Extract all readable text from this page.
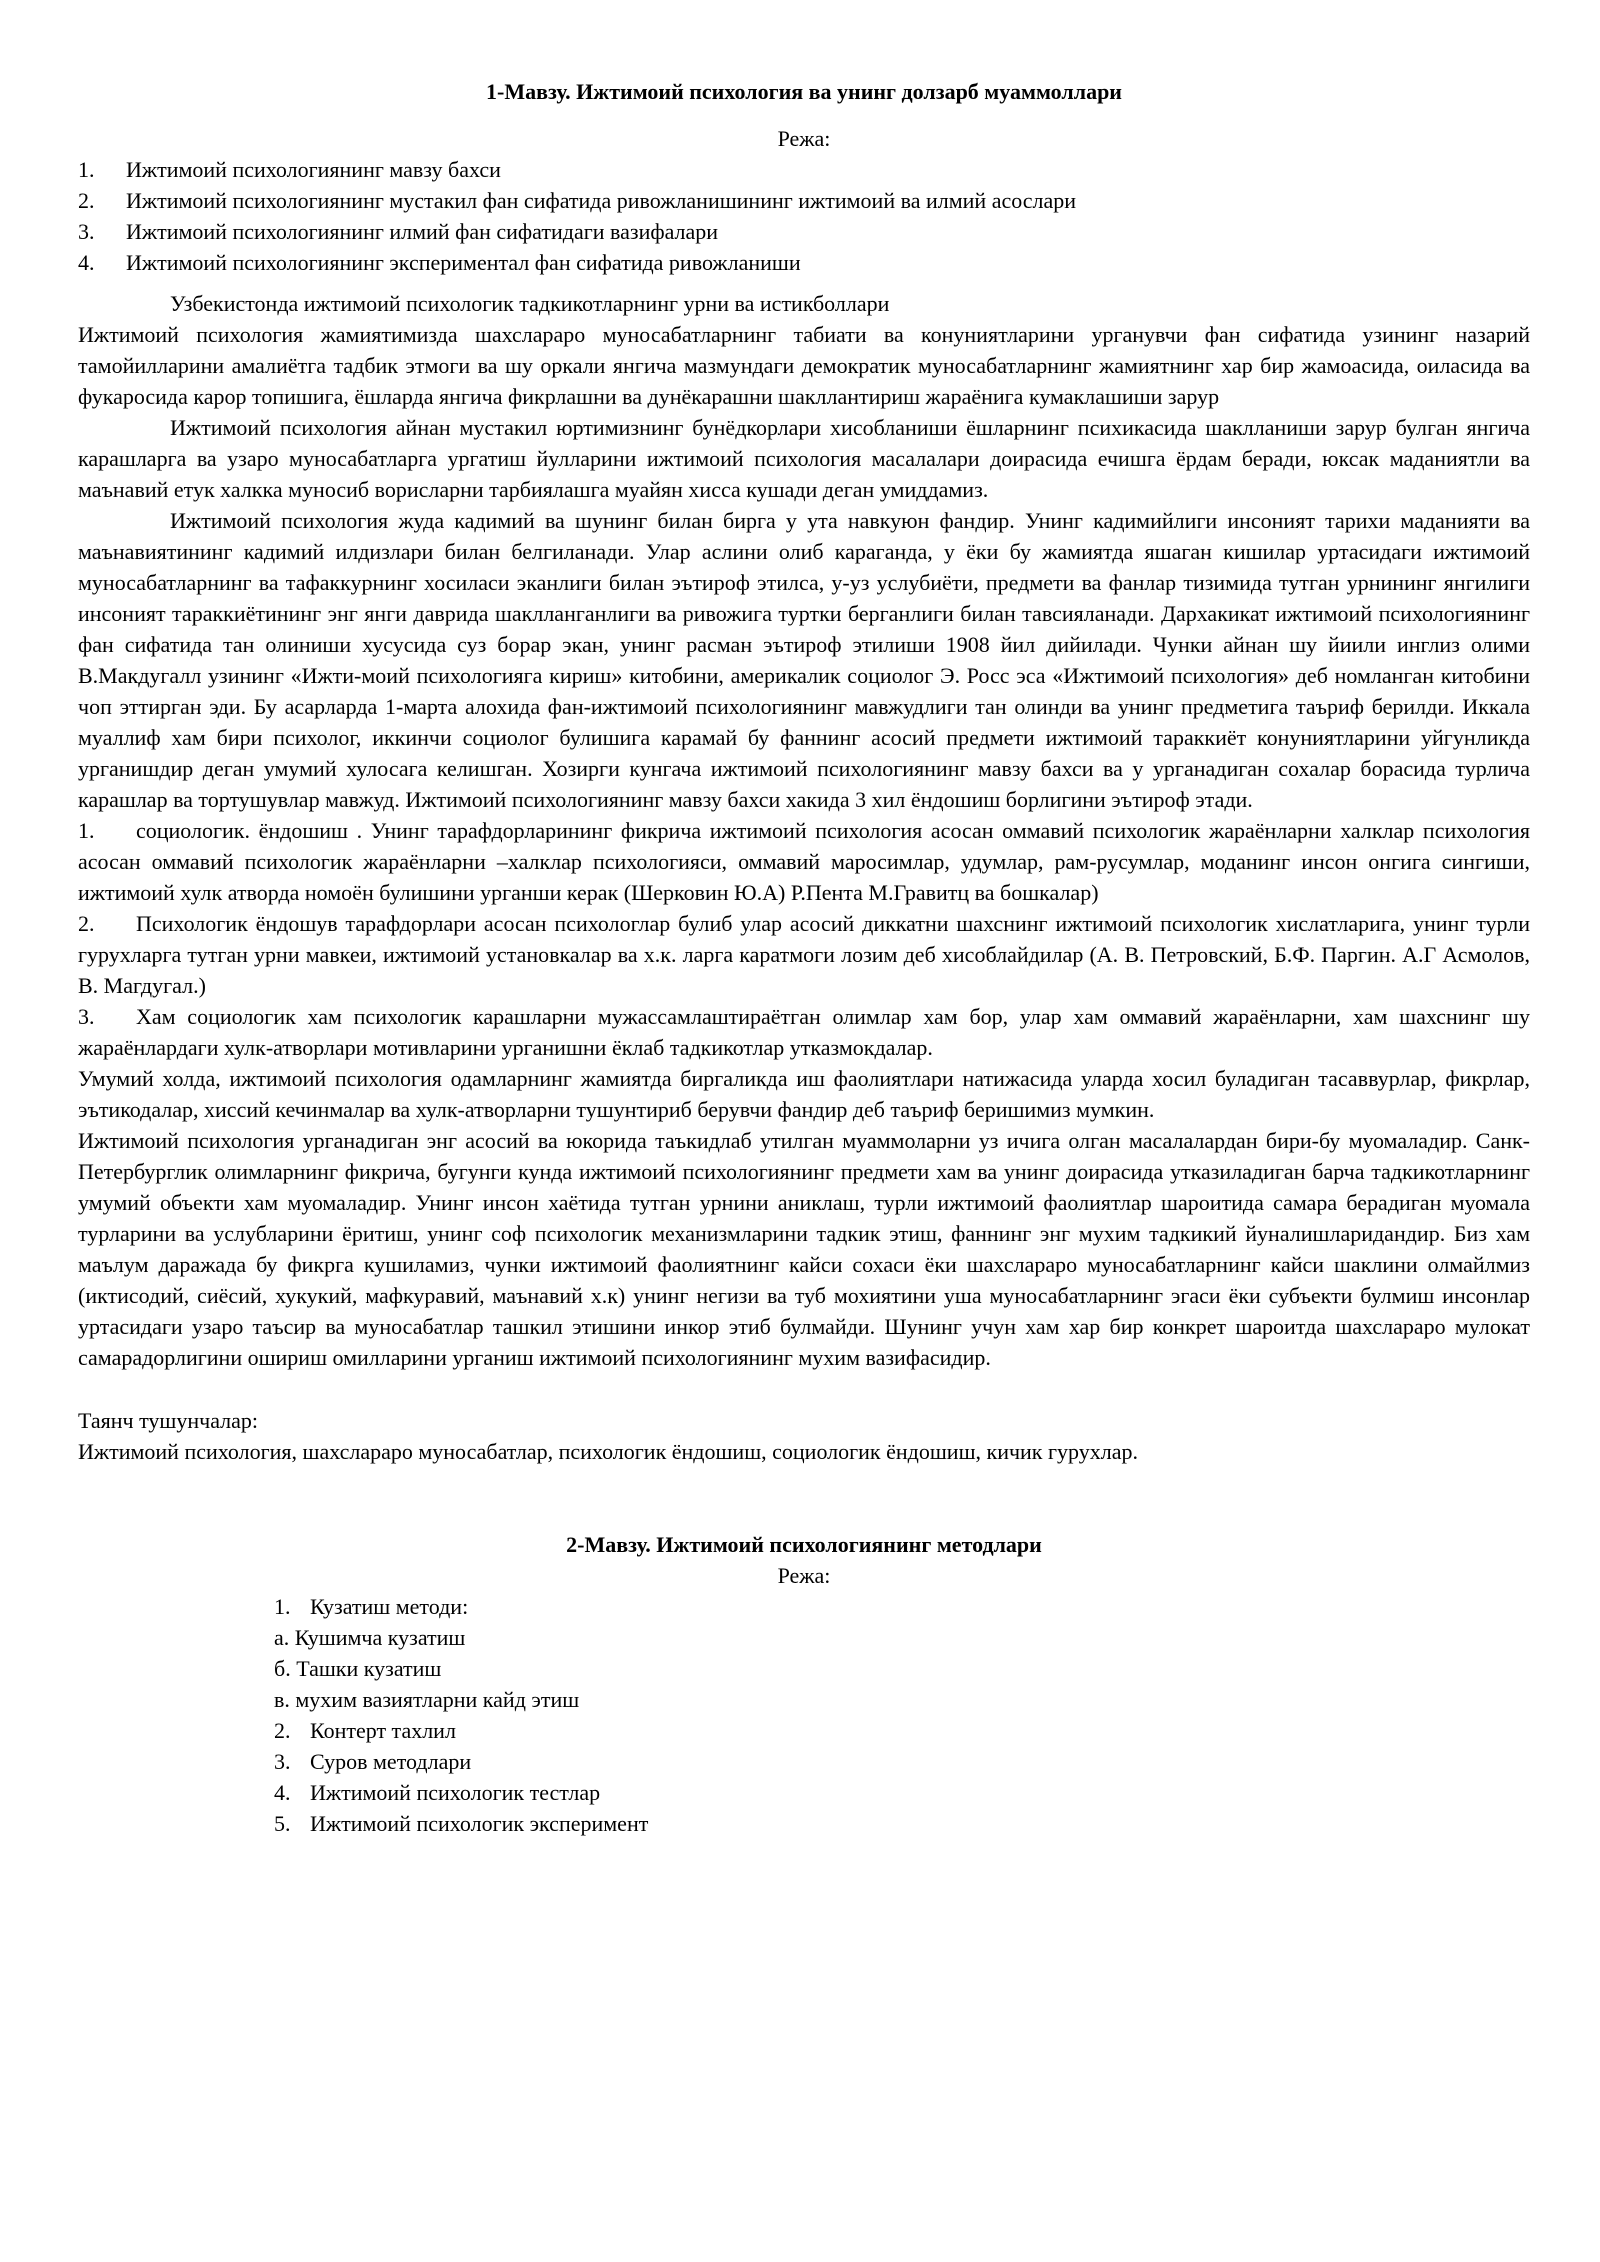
1-Мавзу. Ижтимоий психология ва унинг долзарб муаммоллари
Режа:
1.	Ижтимоий психологиянинг мавзу бахси
2.	Ижтимоий психологиянинг мустакил фан сифатида ривожланишининг ижтимоий ва илмий асослари
3.	Ижтимоий психологиянинг илмий фан сифатидаги вазифалари
4.	Ижтимоий психологиянинг экспериментал фан сифатида ривожланиши
Узбекистонда ижтимоий психологик тадкикотларнинг урни ва истикболлари

Ижтимоий психология жамиятимизда шахслараро муносабатларнинг табиати ва конуниятларини урганувчи фан сифатида узининг назарий тамойилларини амалиётга тадбик этмоги ва шу оркали янгича мазмундаги демократик муносабатларнинг жамиятнинг хар бир жамоасида, оиласида ва фукаросида карор топишига, ёшларда янгича фикрлашни ва дунёкарашни шакллантириш жараёнига кумаклашиши зарур

Ижтимоий психология айнан мустакил юртимизнинг бунёдкорлари хисобланиши ёшларнинг психикасида шаклланиши зарур булган янгича карашларга ва узаро муносабатларга ургатиш йулларини ижтимоий психология масалалари доирасида ечишга ёрдам беради, юксак маданиятли ва маънавий етук халкка муносиб ворисларни тарбиялашга муайян хисса кушади деган умиддамиз.

Ижтимоий психология жуда кадимий ва шунинг билан бирга у ута навкуюн фандир. Унинг кадимийлиги инсоният тарихи маданияти ва маънавиятининг кадимий илдизлари билан белгиланади. Улар аслини олиб караганда, у ёки бу жамиятда яшаган кишилар уртасидаги ижтимоий муносабатларнинг ва тафаккурнинг хосиласи эканлиги билан эътироф этилса, у-уз услубиёти, предмети ва фанлар тизимида тутган урнининг янгилиги инсоният тараккиётининг энг янги даврида шаклланганлиги ва ривожига туртки берганлиги билан тавсияланади. Дархакикат ижтимоий психологиянинг фан сифатида тан олиниши хусусида суз борар экан, унинг расман эътироф этилиши 1908 йил дийилади. Чунки айнан шу йиили инглиз олими В.Макдугалл узининг «Ижти-моий психологияга кириш» китобини, америкалик социолог Э. Росс эса «Ижтимоий психология» деб номланган китобини чоп эттирган эди. Бу асарларда 1-марта алохида фан-ижтимоий психологиянинг мавжудлиги тан олинди ва унинг предметига таъриф берилди. Иккала муаллиф хам бири психолог, иккинчи социолог булишига карамай бу фаннинг асосий предмети ижтимоий тараккиёт конуниятларини уйгунликда урганишдир деган умумий хулосага келишган. Хозирги кунгача ижтимоий психологиянинг мавзу бахси ва у урганадиган сохалар борасида турлича карашлар ва тортушувлар мавжуд. Ижтимоий психологиянинг мавзу бахси хакида 3 хил ёндошиш борлигини эътироф этади.

1. социологик. ёндошиш . Унинг тарафдорларининг фикрича ижтимоий психология асосан оммавий психологик жараёнларни халклар психология асосан оммавий психологик жараёнларни –халклар психологияси, оммавий маросимлар, удумлар, рам-русумлар, моданинг инсон онгига сингиши, ижтимоий хулк атворда номоён булишини урганши керак (Шерковин Ю.А) Р.Пента М.Гравитц ва бошкалар)

2. Психологик ёндошув тарафдорлари асосан психологлар булиб улар асосий диккатни шахснинг ижтимоий психологик хислатларига, унинг турли гурухларга тутган урни мавкеи, ижтимоий установкалар ва х.к. ларга каратмоги лозим деб хисоблайдилар (А. В. Петровский, Б.Ф. Паргин. А.Г Асмолов, В. Магдугал.)

3. Хам социологик хам психологик карашларни мужассамлаштираётган олимлар хам бор, улар хам оммавий жараёнларни, хам шахснинг шу жараёнлардаги хулк-атворлари мотивларини урганишни ёклаб тадкикотлар утказмокдалар.

Умумий холда, ижтимоий психология одамларнинг жамиятда биргаликда иш фаолиятлари натижасида уларда хосил буладиган тасаввурлар, фикрлар, эътикодалар, хиссий кечинмалар ва хулк-атворларни тушунтириб берувчи фандир деб таъриф беришимиз мумкин.

Ижтимоий психология урганадиган энг асосий ва юкорида таъкидлаб утилган муаммоларни уз ичига олган масалалардан бири-бу муомаладир. Санк-Петербурглик олимларнинг фикрича, бугунги кунда ижтимоий психологиянинг предмети хам ва унинг доирасида утказиладиган барча тадкикотларнинг умумий объекти хам муомаладир. Унинг инсон хаётида тутган урнини аниклаш, турли ижтимоий фаолиятлар шароитида самара берадиган муомала турларини ва услубларини ёритиш, унинг соф психологик механизмларини тадкик этиш, фаннинг энг мухим тадкикий йуналишларидандир. Биз хам маълум даражада бу фикрга кушиламиз, чунки ижтимоий фаолиятнинг кайси сохаси ёки шахслараро муносабатларнинг кайси шаклини олмайлмиз (иктисодий, сиёсий, хукукий, мафкуравий, маънавий х.к) унинг негизи ва туб мохиятини уша муносабатларнинг эгаси ёки субъекти булмиш инсонлар уртасидаги узаро таъсир ва муносабатлар ташкил этишини инкор этиб булмайди. Шунинг учун хам хар бир конкрет шароитда шахслараро мулокат самарадорлигини ошириш омилларини урганиш ижтимоий психологиянинг мухим вазифасидир.

Таянч тушунчалар:
Ижтимоий психология, шахслараро муносабатлар, психологик ёндошиш, социологик ёндошиш, кичик гурухлар.
2-Мавзу. Ижтимоий психологиянинг методлари
Режа:
1. Кузатиш методи:
а. Кушимча кузатиш
б. Ташки кузатиш
в. мухим вазиятларни кайд этиш
2. Контерт тахлил
3. Суров методлари
4. Ижтимоий психологик тестлар
5. Ижтимоий психологик эксперимент
